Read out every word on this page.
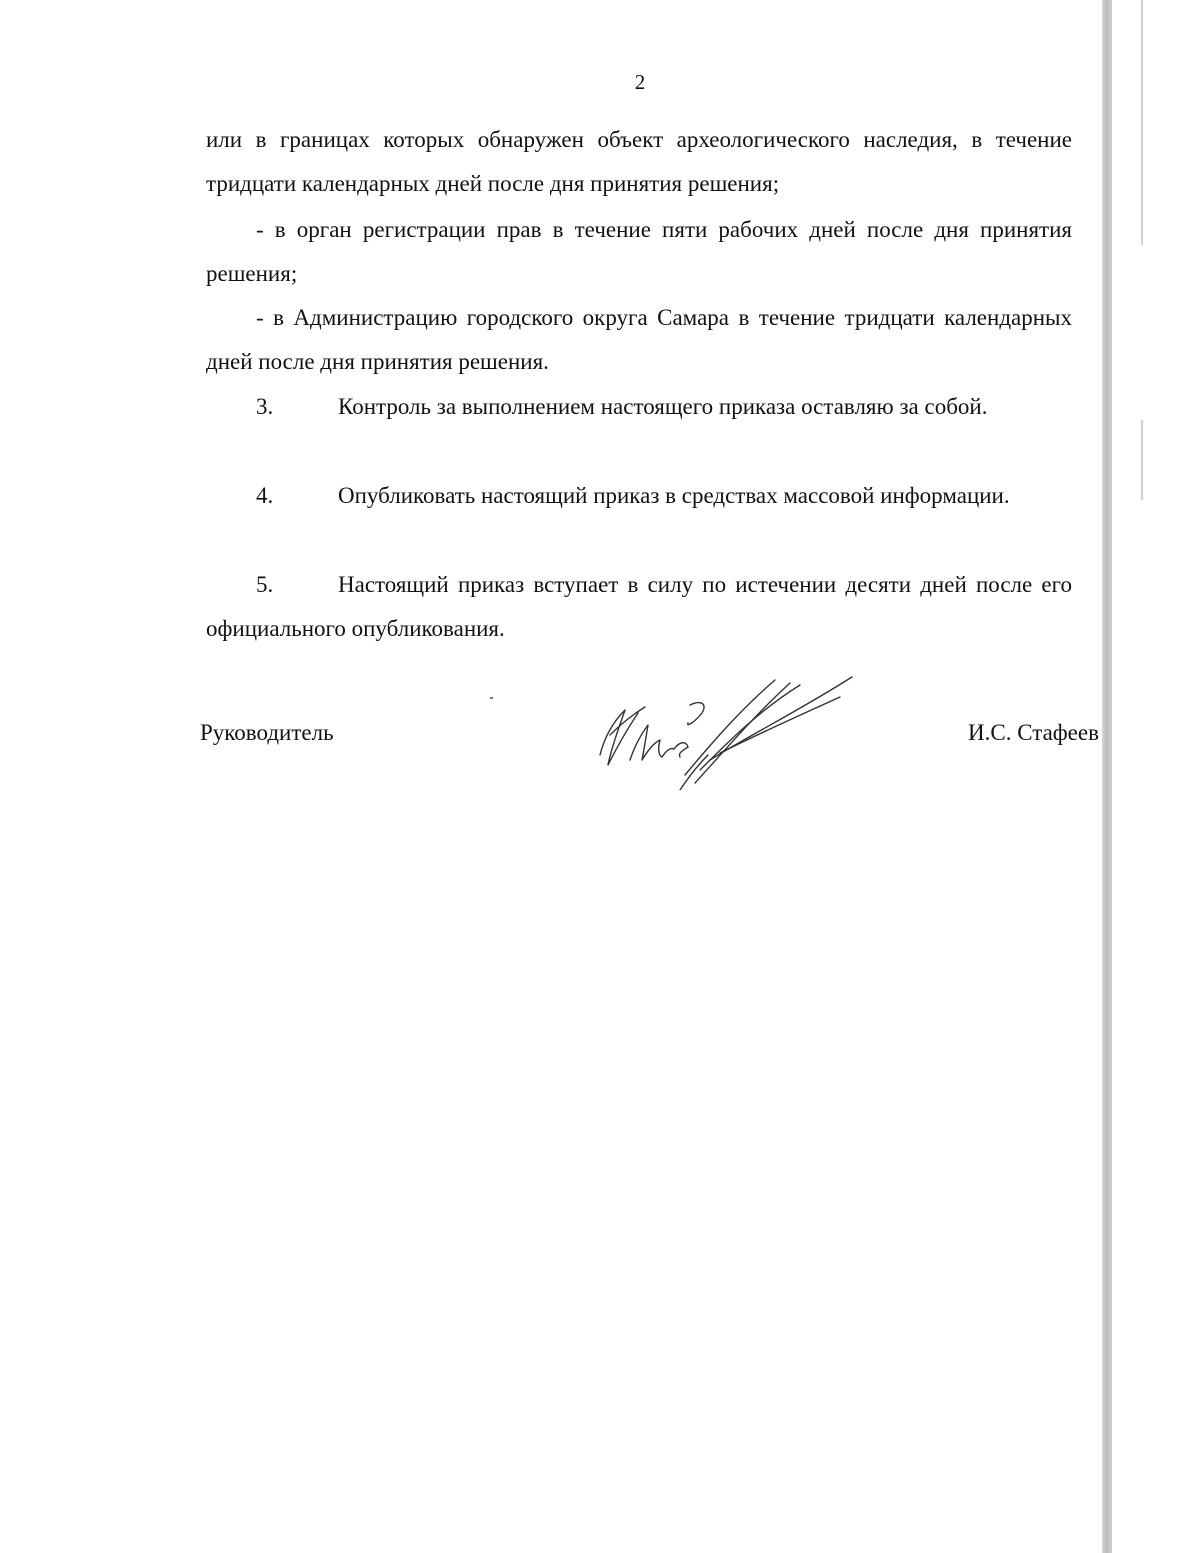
2

или в границах которых обнаружен объект археологического наследия, в течение тридцати календарных дней после дня принятия решения;

- в орган регистрации прав в течение пяти рабочих дней после дня принятия решения;

- в Администрацию городского округа Самара в течение тридцати календарных дней после дня принятия решения.

3.	Контроль за выполнением настоящего приказа оставляю за собой.

4.	Опубликовать настоящий приказ в средствах массовой информации.

5.	Настоящий приказ вступает в силу по истечении десяти дней после его официального опубликования.

Руководитель	И.С. Стафеев
